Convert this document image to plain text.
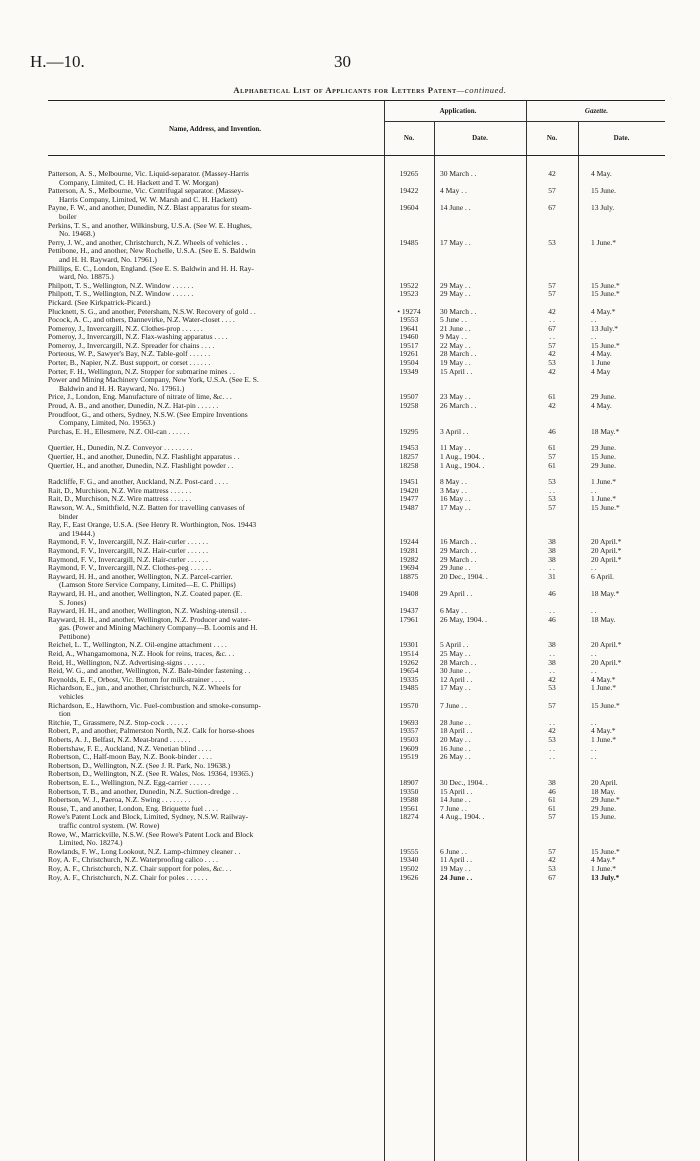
H.—10.	30
Alphabetical List of Applicants for Letters Patent—continued.
Name, Address, and Invention.
Application.	Gazette.
No.	Date.	No.	Date.
Patterson, A. S., Melbourne, Vic. Liquid-separator. (Massey-Harris
Company, Limited, C. H. Hackett and T. W. Morgan)
19265	30 March . .	42	4 May.
Patterson, A. S., Melbourne, Vic. Centrifugal separator. (Massey-
Harris Company, Limited, W. W. Marsh and C. H. Hackett)
19422	4 May . .	57	15 June.
Payne, F. W., and another, Dunedin, N.Z. Blast apparatus for steam-
boiler
19604	14 June . .	67	13 July.
Perkins, T. S., and another, Wilkinsburg, U.S.A. (See W. E. Hughes,
No. 19468.)
Perry, J. W., and another, Christchurch, N.Z. Wheels of vehicles . .	19485	17 May . .	53	1 June.*
Pettibone, H., and another, New Rochelle, U.S.A. (See E. S. Baldwin
and H. H. Rayward, No. 17961.)
Phillips, E. C., London, England. (See E. S. Baldwin and H. H. Ray-
ward, No. 18875.)
Philpott, T. S., Wellington, N.Z. Window . . . . . .	19522	29 May . .	57	15 June.*
Philpott, T. S., Wellington, N.Z. Window . . . . . .	19523	29 May . .	57	15 June.*
Pickard. (See Kirkpatrick-Picard.)
Plucknett, S. G., and another, Petersham, N.S.W. Recovery of gold . .	• 19274	30 March . .	42	4 May.*
Pocock, A. C., and others, Dannevirke, N.Z. Water-closet . . . .	19553	5 June . .	. .	. .
Pomeroy, J., Invercargill, N.Z. Clothes-prop . . . . . .	19641	21 June . .	67	13 July.*
Pomeroy, J., Invercargill, N.Z. Flax-washing apparatus . . . .	19460	9 May . .	. .	. .
Pomeroy, J., Invercargill, N.Z. Spreader for chains . . . .	19517	22 May . .	57	15 June.*
Porteous, W. P., Sawyer's Bay, N.Z. Table-golf . . . . . .	19261	28 March . .	42	4 May.
Porter, B., Napier, N.Z. Bust support, or corset . . . . . .	19504	19 May . .	53	1 June
Porter, F. H., Wellington, N.Z. Stopper for submarine mines . .	19349	15 April . .	42	4 May
Power and Mining Machinery Company, New York, U.S.A. (See E. S.
Baldwin and H. H. Rayward, No. 17961.)
Price, J., London, Eng. Manufacture of nitrate of lime, &c. . .	19507	23 May . .	61	29 June.
Proud, A. B., and another, Dunedin, N.Z. Hat-pin . . . . . .	19258	26 March . .	42	4 May.
Proudfoot, G., and others, Sydney, N.S.W. (See Empire Inventions
Company, Limited, No. 19563.)
Purchas, E. H., Ellesmere, N.Z. Oil-can . . . . . .	19295	3 April . .	46	18 May.*
Quertier, H., Dunedin, N.Z. Conveyor . . . . . . . .	19453	11 May . .	61	29 June.
Quertier, H., and another, Dunedin, N.Z. Flashlight apparatus . .	18257	1 Aug., 1904. .	57	15 June.
Quertier, H., and another, Dunedin, N.Z. Flashlight powder . .	18258	1 Aug., 1904. .	61	29 June.
Radcliffe, F. G., and another, Auckland, N.Z. Post-card . . . .	19451	8 May . .	53	1 June.*
Rait, D., Murchison, N.Z. Wire mattress . . . . . .	19420	3 May . .	. .	. .
Rait, D., Murchison, N.Z. Wire mattress . . . . . .	19477	16 May . .	53	1 June.*
Rawson, W. A., Smithfield, N.Z. Batten for travelling canvases of
binder
19487	17 May . .	57	15 June.*
Ray, F., East Orange, U.S.A. (See Henry R. Worthington, Nos. 19443
and 19444.)
Raymond, F. V., Invercargill, N.Z. Hair-curler . . . . . .	19244	16 March . .	38	20 April.*
Raymond, F. V., Invercargill, N.Z. Hair-curler . . . . . .	19281	29 March . .	38	20 April.*
Raymond, F. V., Invercargill, N.Z. Hair-curler . . . . . .	19282	29 March . .	38	20 April.*
Raymond, F. V., Invercargill, N.Z. Clothes-peg . . . . . .	19694	29 June . .	. .	. .
Rayward, H. H., and another, Wellington, N.Z. Parcel-carrier.
(Lamson Store Service Company, Limited—E. C. Phillips)
18875	20 Dec., 1904. .	31	6 April.
Rayward, H. H., and another, Wellington, N.Z. Coated paper. (E.
S. Jones)
19408	29 April . .	46	18 May.*
Rayward, H. H., and another, Wellington, N.Z. Washing-utensil . .	19437	6 May . .	. .	. .
Rayward, H. H., and another, Wellington, N.Z. Producer and water-
gas. (Power and Mining Machinery Company—B. Loomis and H.
Pettibone)
17961	26 May, 1904. .	46	18 May.
Reichel, L. T., Wellington, N.Z. Oil-engine attachment . . . .	19301	5 April . .	38	20 April.*
Reid, A., Whangamomona, N.Z. Hook for reins, traces, &c. . .	19514	25 May . .	. .	. .
Reid, H., Wellington, N.Z. Advertising-signs . . . . . .	19262	28 March . .	38	20 April.*
Reid, W. G., and another, Wellington, N.Z. Bale-binder fastening . .	19654	30 June . .	. .	. .
Reynolds, E. F., Orbost, Vic. Bottom for milk-strainer . . . .	19335	12 April . .	42	4 May.*
Richardson, E., jun., and another, Christchurch, N.Z. Wheels for
vehicles
19485	17 May . .	53	1 June.*
Richardson, E., Hawthorn, Vic. Fuel-combustion and smoke-consump-
tion
19570	7 June . .	57	15 June.*
Ritchie, T., Grassmere, N.Z. Stop-cock . . . . . .	19693	28 June . .	. .	. .
Robert, P., and another, Palmerston North, N.Z. Calk for horse-shoes	19357	18 April . .	42	4 May.*
Roberts, A. J., Belfast, N.Z. Meat-brand . . . . . .	19503	20 May . .	53	1 June.*
Robertshaw, F. E., Auckland, N.Z. Venetian blind . . . .	19609	16 June . .	. .	. .
Robertson, C., Half-moon Bay, N.Z. Book-binder . . . .	19519	26 May . .	. .	. .
Robertson, D., Wellington, N.Z. (See J. R. Park, No. 19638.)
Robertson, D., Wellington, N.Z. (See R. Wales, Nos. 19364, 19365.)
Robertson, E. L., Wellington, N.Z. Egg-carrier . . . . . .	18907	30 Dec., 1904. .	38	20 April.
Robertson, T. B., and another, Dunedin, N.Z. Suction-dredge . .	19350	15 April . .	46	18 May.
Robertson, W. J., Paeroa, N.Z. Swing . . . . . . . .	19588	14 June . .	61	29 June.*
Rouse, T., and another, London, Eng. Briquette fuel . . . .	19561	7 June . .	61	29 June.
Rowe's Patent Lock and Block, Limited, Sydney, N.S.W. Railway-
traffic control system. (W. Rowe)
18274	4 Aug., 1904. .	57	15 June.
Rowe, W., Marrickville, N.S.W. (See Rowe's Patent Lock and Block
Limited, No. 18274.)
Rowlands, F. W., Long Lookout, N.Z. Lamp-chimney cleaner . .	19555	6 June . .	57	15 June.*
Roy, A. F., Christchurch, N.Z. Waterproofing calico . . . .	19340	11 April . .	42	4 May.*
Roy, A. F., Christchurch, N.Z. Chair support for poles, &c. . .	19502	19 May . .	53	1 June.*
Roy, A. F., Christchurch, N.Z. Chair for poles . . . . . .	19626	24 June . .	67	13 July.*
